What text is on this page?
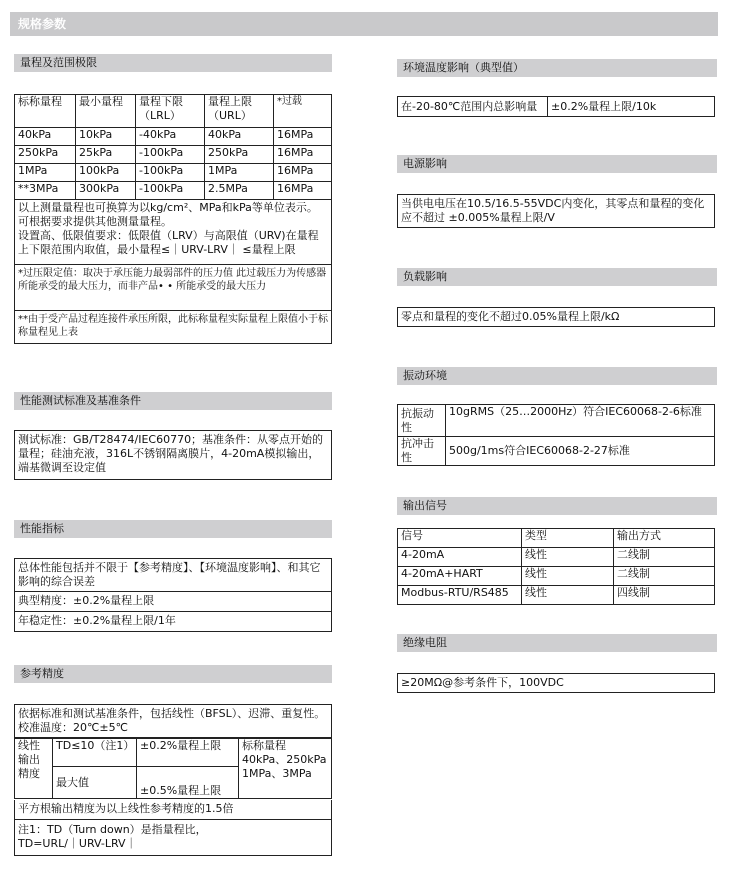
规格参数
量程及范围极限
标称量程	最小量程	量程下限（LRL）	量程上限（URL）	*过载
40kPa	10kPa	-40kPa	40kPa	16MPa
250kPa	25kPa	-100kPa	250kPa	16MPa
1MPa	100kPa	-100kPa	1MPa	16MPa
**3MPa	300kPa	-100kPa	2.5MPa	16MPa
以上测量量程也可换算为以kg/cm²、MPa和kPa等单位表示。可根据要求提供其他测量量程。
设置高、低限值要求：低限值（LRV）与高限值（URV)在量程上下限范围内取值，最小量程≤｜URV-LRV｜ ≤量程上限
*过压限定值：取决于承压能力最弱部件的压力值 此过载压力为传感器所能承受的最大压力，而非产品• • 所能承受的最大压力
**由于受产品过程连接件承压所限，此标称量程实际量程上限值小于标称量程见上表
性能测试标准及基准条件
测试标准：GB/T28474/IEC60770；基准条件：从零点开始的量程；硅油充液，316L不锈钢隔离膜片，4-20mA模拟输出，端基微调至设定值
性能指标
总体性能包括并不限于【参考精度】、【环境温度影响】、和其它影响的综合误差
典型精度：±0.2%量程上限
年稳定性：±0.2%量程上限/1年
参考精度
依据标准和测试基准条件，包括线性（BFSL）、迟滞、重复性。校准温度：20℃±5℃
线性输出精度	TD≤10（注1）	±0.2%量程上限	标称量程
40kPa、250kPa 1MPa、3MPa

	最大值	±0.5%量程上限	
平方根输出精度为以上线性参考精度的1.5倍
注1：TD（Turn down）是指量程比，
TD=URL/｜URV-LRV｜
环境温度影响（典型值）
在-20-80℃范围内总影响量	±0.2%量程上限/10k
电源影响
当供电电压在10.5/16.5-55VDC内变化，其零点和量程的变化应不超过 ±0.005%量程上限/V
负载影响
零点和量程的变化不超过0.05%量程上限/kΩ
振动环境
抗振动性	10gRMS（25…2000Hz）符合IEC60068-2-6标准
抗冲击性	500g/1ms符合IEC60068-2-27标准
输出信号
信号	类型	输出方式
4-20mA	线性	二线制
4-20mA+HART	线性	二线制
Modbus-RTU/RS485	线性	四线制
绝缘电阻
≥20MΩ@参考条件下，100VDC
